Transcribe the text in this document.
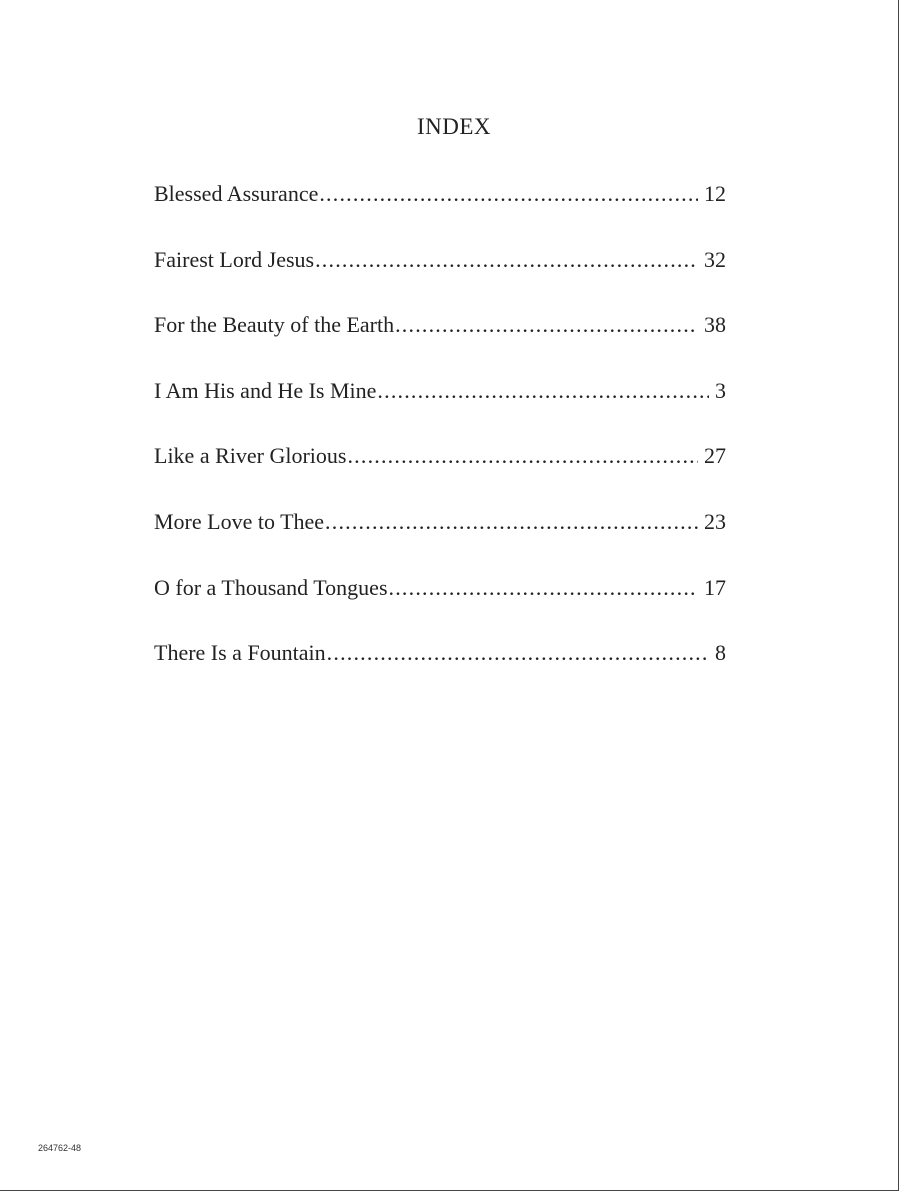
INDEX
Blessed Assurance .....	12
Fairest Lord Jesus .....	32
For the Beauty of the Earth .....	38
I Am His and He Is Mine .....	3
Like a River Glorious .....	27
More Love to Thee .....	23
O for a Thousand Tongues .....	17
There Is a Fountain .....	8
264762-48
